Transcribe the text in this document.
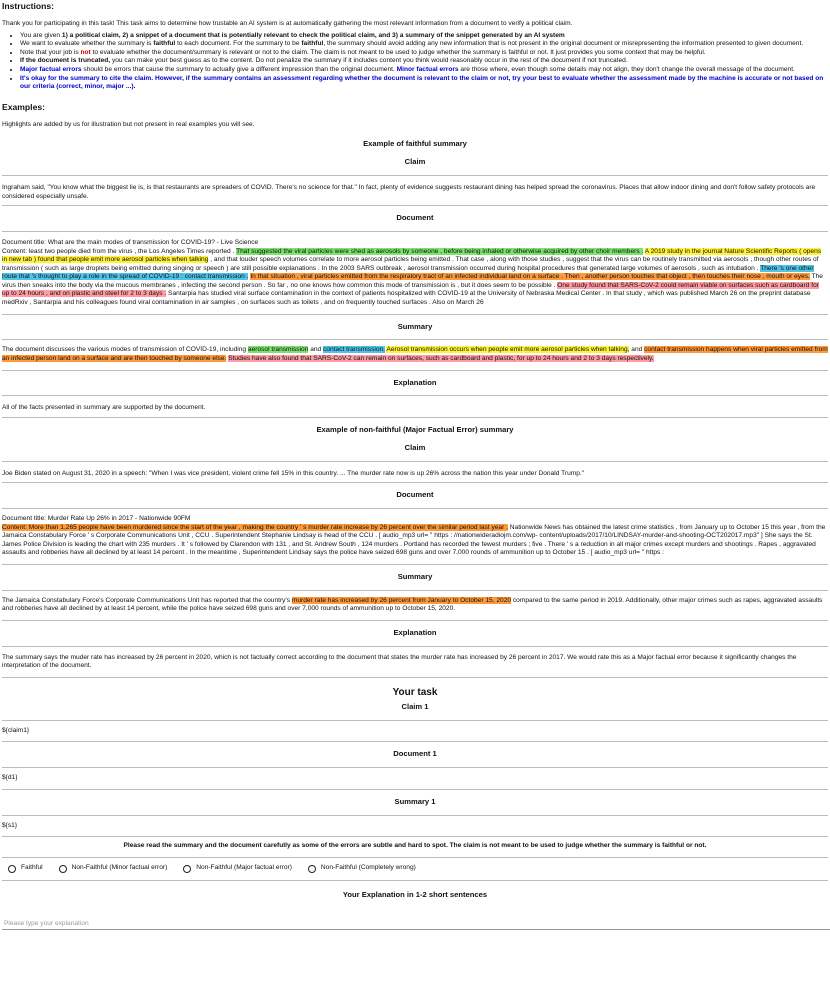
Instructions:

Thank you for participating in this task! This task aims to determine how trustable an AI system is at automatically gathering the most relevant information from a document to verify a political claim.

• You are given 1) a political claim, 2) a snippet of a document that is potentially relevant to check the political claim, and 3) a summary of the snippet generated by an AI system
• We want to evaluate whether the summary is faithful to each document. For the summary to be faithful, the summary should avoid adding any new information that is not present in the original document or misrepresenting the information presented to given document.
• Note that your job is not to evaluate whether the document/summary is relevant or not to the claim. The claim is not meant to be used to judge whether the summary is faithful or not. It just provides you some context that may be helpful.
• If the document is truncated, you can make your best guess as to the content. Do not penalize the summary if it includes content you think would reasonably occur in the rest of the document if not truncated.
• Major factual errors should be errors that cause the summary to actually give a different impression than the original document. Minor factual errors are those where, even though some details may not align, they don't change the overall message of the document.
• It's okay for the summary to cite the claim. However, if the summary contains an assessment regarding whether the document is relevant to the claim or not, try your best to evaluate whether the assessment made by the machine is accurate or not based on our criteria (correct, minor, major ...).
Examples:

Highlights are added by us for illustration but not present in real examples you will see.

Example of faithful summary
Claim

Ingraham said, "You know what the biggest lie is, is that restaurants are spreaders of COVID. There's no science for that." In fact, plenty of evidence suggests restaurant dining has helped spread the coronavirus. Places that allow indoor dining and don't follow safety protocols are considered especially unsafe.

Document

Document title: What are the main modes of transmission for COVID-19? - Live Science

Content: least two people died from the virus , the Los Angeles Times reported . That suggested the viral particles were shed as aerosols by someone , before being inhaled or otherwise acquired by other choir members . A 2019 study in the journal Nature Scientific Reports ( opens in new tab ) found that people emit more aerosol particles when talking , and that louder speech volumes correlate to more aerosol particles being emitted . That case , along with those studies , suggest that the virus can be routinely transmitted via aerosols , though other routes of transmission ( such as large droplets being emitted during singing or speech ) are still possible explanations . In the 2003 SARS outbreak , aerosol transmission occurred during hospital procedures that generated large volumes of aerosols , such as intubation . There 's one other route that 's thought to play a role in the spread of COVID-19 : contact transmission . In that situation , viral particles emitted from the respiratory tract of an infected individual land on a surface . Then , another person touches that object , then touches their nose , mouth or eyes. The virus then sneaks into the body via the mucous membranes , infecting the second person . So far , no one knows how common this mode of transmission is , but it does seem to be possible . One study found that SARS-CoV-2 could remain viable on surfaces such as cardboard for up to 24 hours , and on plastic and steel for 2 to 3 days . Santarpia has studied viral surface contamination in the context of patients hospitalized with COVID-19 at the University of Nebraska Medical Center . In that study , which was published March 26 on the preprint database medRxiv , Santarpia and his colleagues found viral contamination in air samples , on surfaces such as toilets , and on frequently touched surfaces . Also on March 26

Summary

The document discusses the various modes of transmission of COVID-19, including aerosol transmission and contact transmission. Aerosol transmission occurs when people emit more aerosol particles when talking, and contact transmission happens when viral particles emitted from an infected person land on a surface and are then touched by someone else. Studies have also found that SARS-CoV-2 can remain on surfaces, such as cardboard and plastic, for up to 24 hours and 2 to 3 days respectively.

Explanation

All of the facts presented in summary are supported by the document.

Example of non-faithful (Major Factual Error) summary
Claim

Joe Biden stated on August 31, 2020 in a speech: "When I was vice president, violent crime fell 15% in this country. ... The murder rate now is up 26% across the nation this year under Donald Trump."

Document

Document title: Murder Rate Up 26% in 2017 - Nationwide 90FM

Content: More than 1,265 people have been murdered since the start of the year , making the country ' s murder rate increase by 26 percent over the similar period last year . Nationwide News has obtained the latest crime statistics , from January up to October 15 this year , from the Jamaica Constabulary Force ' s Corporate Communications Unit , CCU . Superintendent Stephanie Lindsay is head of the CCU . [ audio_mp3 url= " https : //nationwideradiojm.com/wp- content/uploads/2017/10/LINDSAY-murder-and-shooting-OCT202017.mp3" ] She says the St. James Police Division is leading the chart with 235 murders . It ' s followed by Clarendon with 131 , and St. Andrew South , 124 murders . Portland has recorded the fewest murders ; five . There ' s a reduction in all major crimes except murders and shootings . Rapes , aggravated assaults and robberies have all declined by at least 14 percent . In the meantime , Superintendent Lindsay says the police have seized 698 guns and over 7,000 rounds of ammunition up to October 15 . [ audio_mp3 url= " https :

Summary

The Jamaica Constabulary Force's Corporate Communications Unit has reported that the country's murder rate has increased by 26 percent from January to October 15, 2020 compared to the same period in 2019. Additionally, other major crimes such as rapes, aggravated assaults and robberies have all declined by at least 14 percent, while the police have seized 698 guns and over 7,000 rounds of ammunition up to October 15, 2020.

Explanation

The summary says the muder rate has increased by 26 percent in 2020, which is not factually correct according to the document that states the murder rate has increased by 26 percent in 2017. We would rate this as a Major factual error because it significantly changes the interpretation of the document.

Your task
Claim 1

${claim1}

Document 1

${d1}

Summary 1

${s1}

Please read the summary and the document carefully as some of the errors are subtle and hard to spot. The claim is not meant to be used to judge whether the summary is faithful or not.
Faithful	Non-Faithful (Minor factual error)	Non-Faithful (Major factual error)	Non-Faithful (Completely wrong)
Your Explanation in 1-2 short sentences
Please type your explanation
